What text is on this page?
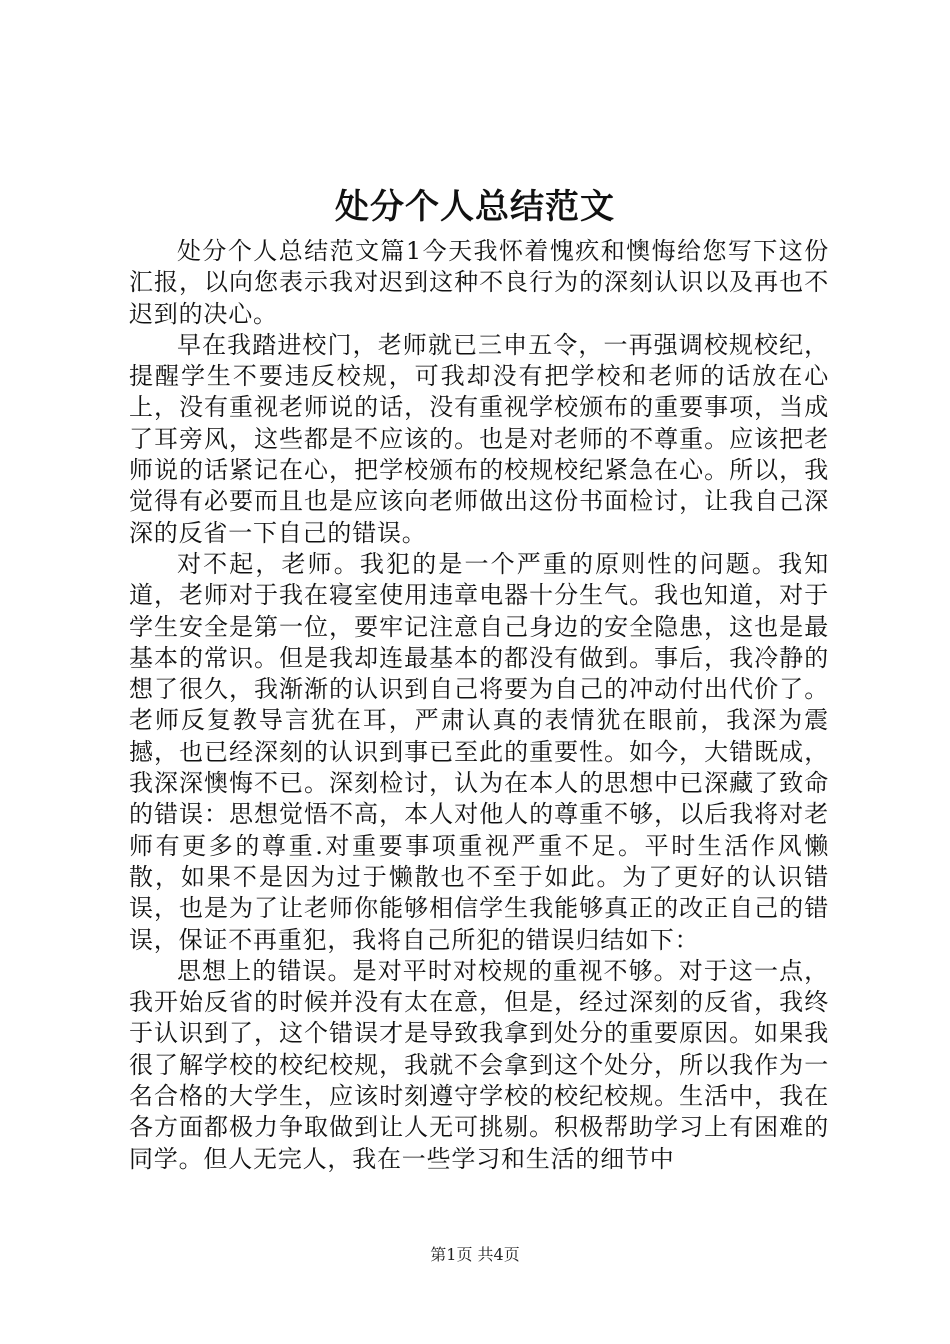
处分个人总结范文

处分个人总结范文篇1今天我怀着愧疚和懊悔给您写下这份汇报，以向您表示我对迟到这种不良行为的深刻认识以及再也不迟到的决心。

早在我踏进校门，老师就已三申五令，一再强调校规校纪，提醒学生不要违反校规，可我却没有把学校和老师的话放在心上，没有重视老师说的话，没有重视学校颁布的重要事项，当成了耳旁风，这些都是不应该的。也是对老师的不尊重。应该把老师说的话紧记在心，把学校颁布的校规校纪紧急在心。所以，我觉得有必要而且也是应该向老师做出这份书面检讨，让我自己深深的反省一下自己的错误。

对不起，老师。我犯的是一个严重的原则性的问题。我知道，老师对于我在寝室使用违章电器十分生气。我也知道，对于学生安全是第一位，要牢记注意自己身边的安全隐患，这也是最基本的常识。但是我却连最基本的都没有做到。事后，我冷静的想了很久，我渐渐的认识到自己将要为自己的冲动付出代价了。老师反复教导言犹在耳，严肃认真的表情犹在眼前，我深为震撼，也已经深刻的认识到事已至此的重要性。如今，大错既成，我深深懊悔不已。深刻检讨，认为在本人的思想中已深藏了致命的错误：思想觉悟不高，本人对他人的尊重不够，以后我将对老师有更多的尊重.对重要事项重视严重不足。平时生活作风懒散，如果不是因为过于懒散也不至于如此。为了更好的认识错误，也是为了让老师你能够相信学生我能够真正的改正自己的错误，保证不再重犯，我将自己所犯的错误归结如下：

思想上的错误。是对平时对校规的重视不够。对于这一点，我开始反省的时候并没有太在意，但是，经过深刻的反省，我终于认识到了，这个错误才是导致我拿到处分的重要原因。如果我很了解学校的校纪校规，我就不会拿到这个处分，所以我作为一名合格的大学生，应该时刻遵守学校的校纪校规。生活中，我在各方面都极力争取做到让人无可挑剔。积极帮助学习上有困难的同学。但人无完人，我在一些学习和生活的细节中

第1页 共4页
